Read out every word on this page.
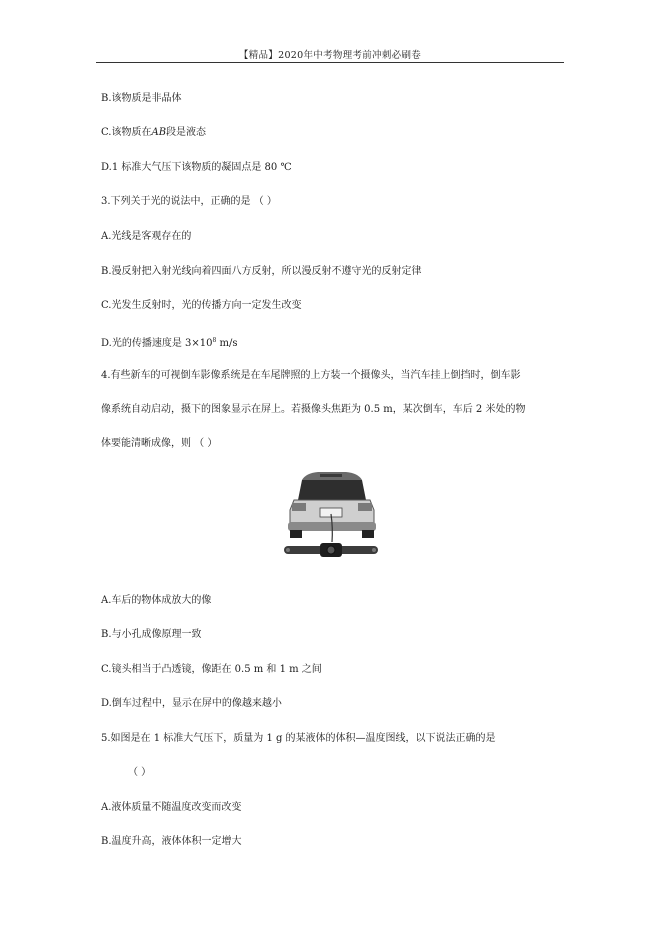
【精品】2020年中考物理考前冲刺必刷卷
B.该物质是非晶体
C.该物质在AB段是液态
D.1 标准大气压下该物质的凝固点是 80 ℃
3.下列关于光的说法中，正确的是 （ ）
A.光线是客观存在的
B.漫反射把入射光线向着四面八方反射，所以漫反射不遵守光的反射定律
C.光发生反射时，光的传播方向一定发生改变
D.光的传播速度是 $3\times 10^8$ m/s
4.有些新车的可视倒车影像系统是在车尾牌照的上方装一个摄像头，当汽车挂上倒挡时，倒车影
像系统自动启动，摄下的图象显示在屏上。若摄像头焦距为 0.5 m，某次倒车，车后 2 米处的物
体要能清晰成像，则 （ ）
A.车后的物体成放大的像
B.与小孔成像原理一致
C.镜头相当于凸透镜，像距在 0.5 m 和 1 m 之间
D.倒车过程中，显示在屏中的像越来越小
5.如图是在 1 标准大气压下，质量为 1 g 的某液体的体积—温度图线，以下说法正确的是
（ ）
A.液体质量不随温度改变而改变
B.温度升高，液体体积一定增大
